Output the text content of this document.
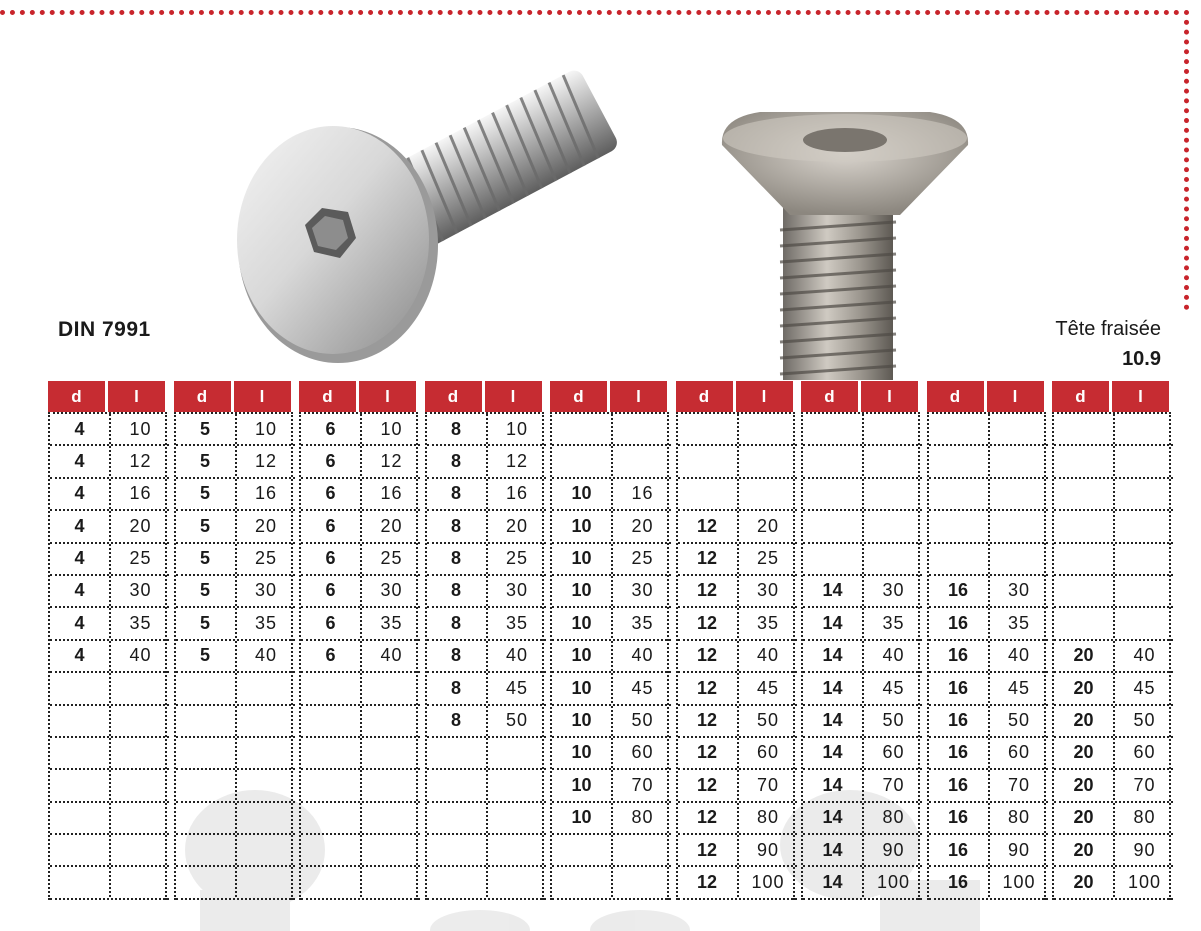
DIN 7991	Tête fraisée
10.9
d	l
4	10
4	12
4	16
4	20
4	25
4	30
4	35
4	40
d	l
5	10
5	12
5	16
5	20
5	25
5	30
5	35
5	40
d	l
6	10
6	12
6	16
6	20
6	25
6	30
6	35
6	40
d	l
8	10
8	12
8	16
8	20
8	25
8	30
8	35
8	40
8	45
8	50
d	l
10	16
10	20
10	25
10	30
10	35
10	40
10	45
10	50
10	60
10	70
10	80
d	l
12	20
12	25
12	30
12	35
12	40
12	45
12	50
12	60
12	70
12	80
12	90
12	100
d	l
14	30
14	35
14	40
14	45
14	50
14	60
14	70
14	80
14	90
14	100
d	l
16	30
16	35
16	40
16	45
16	50
16	60
16	70
16	80
16	90
16	100
d	l
20	40
20	45
20	50
20	60
20	70
20	80
20	90
20	100
